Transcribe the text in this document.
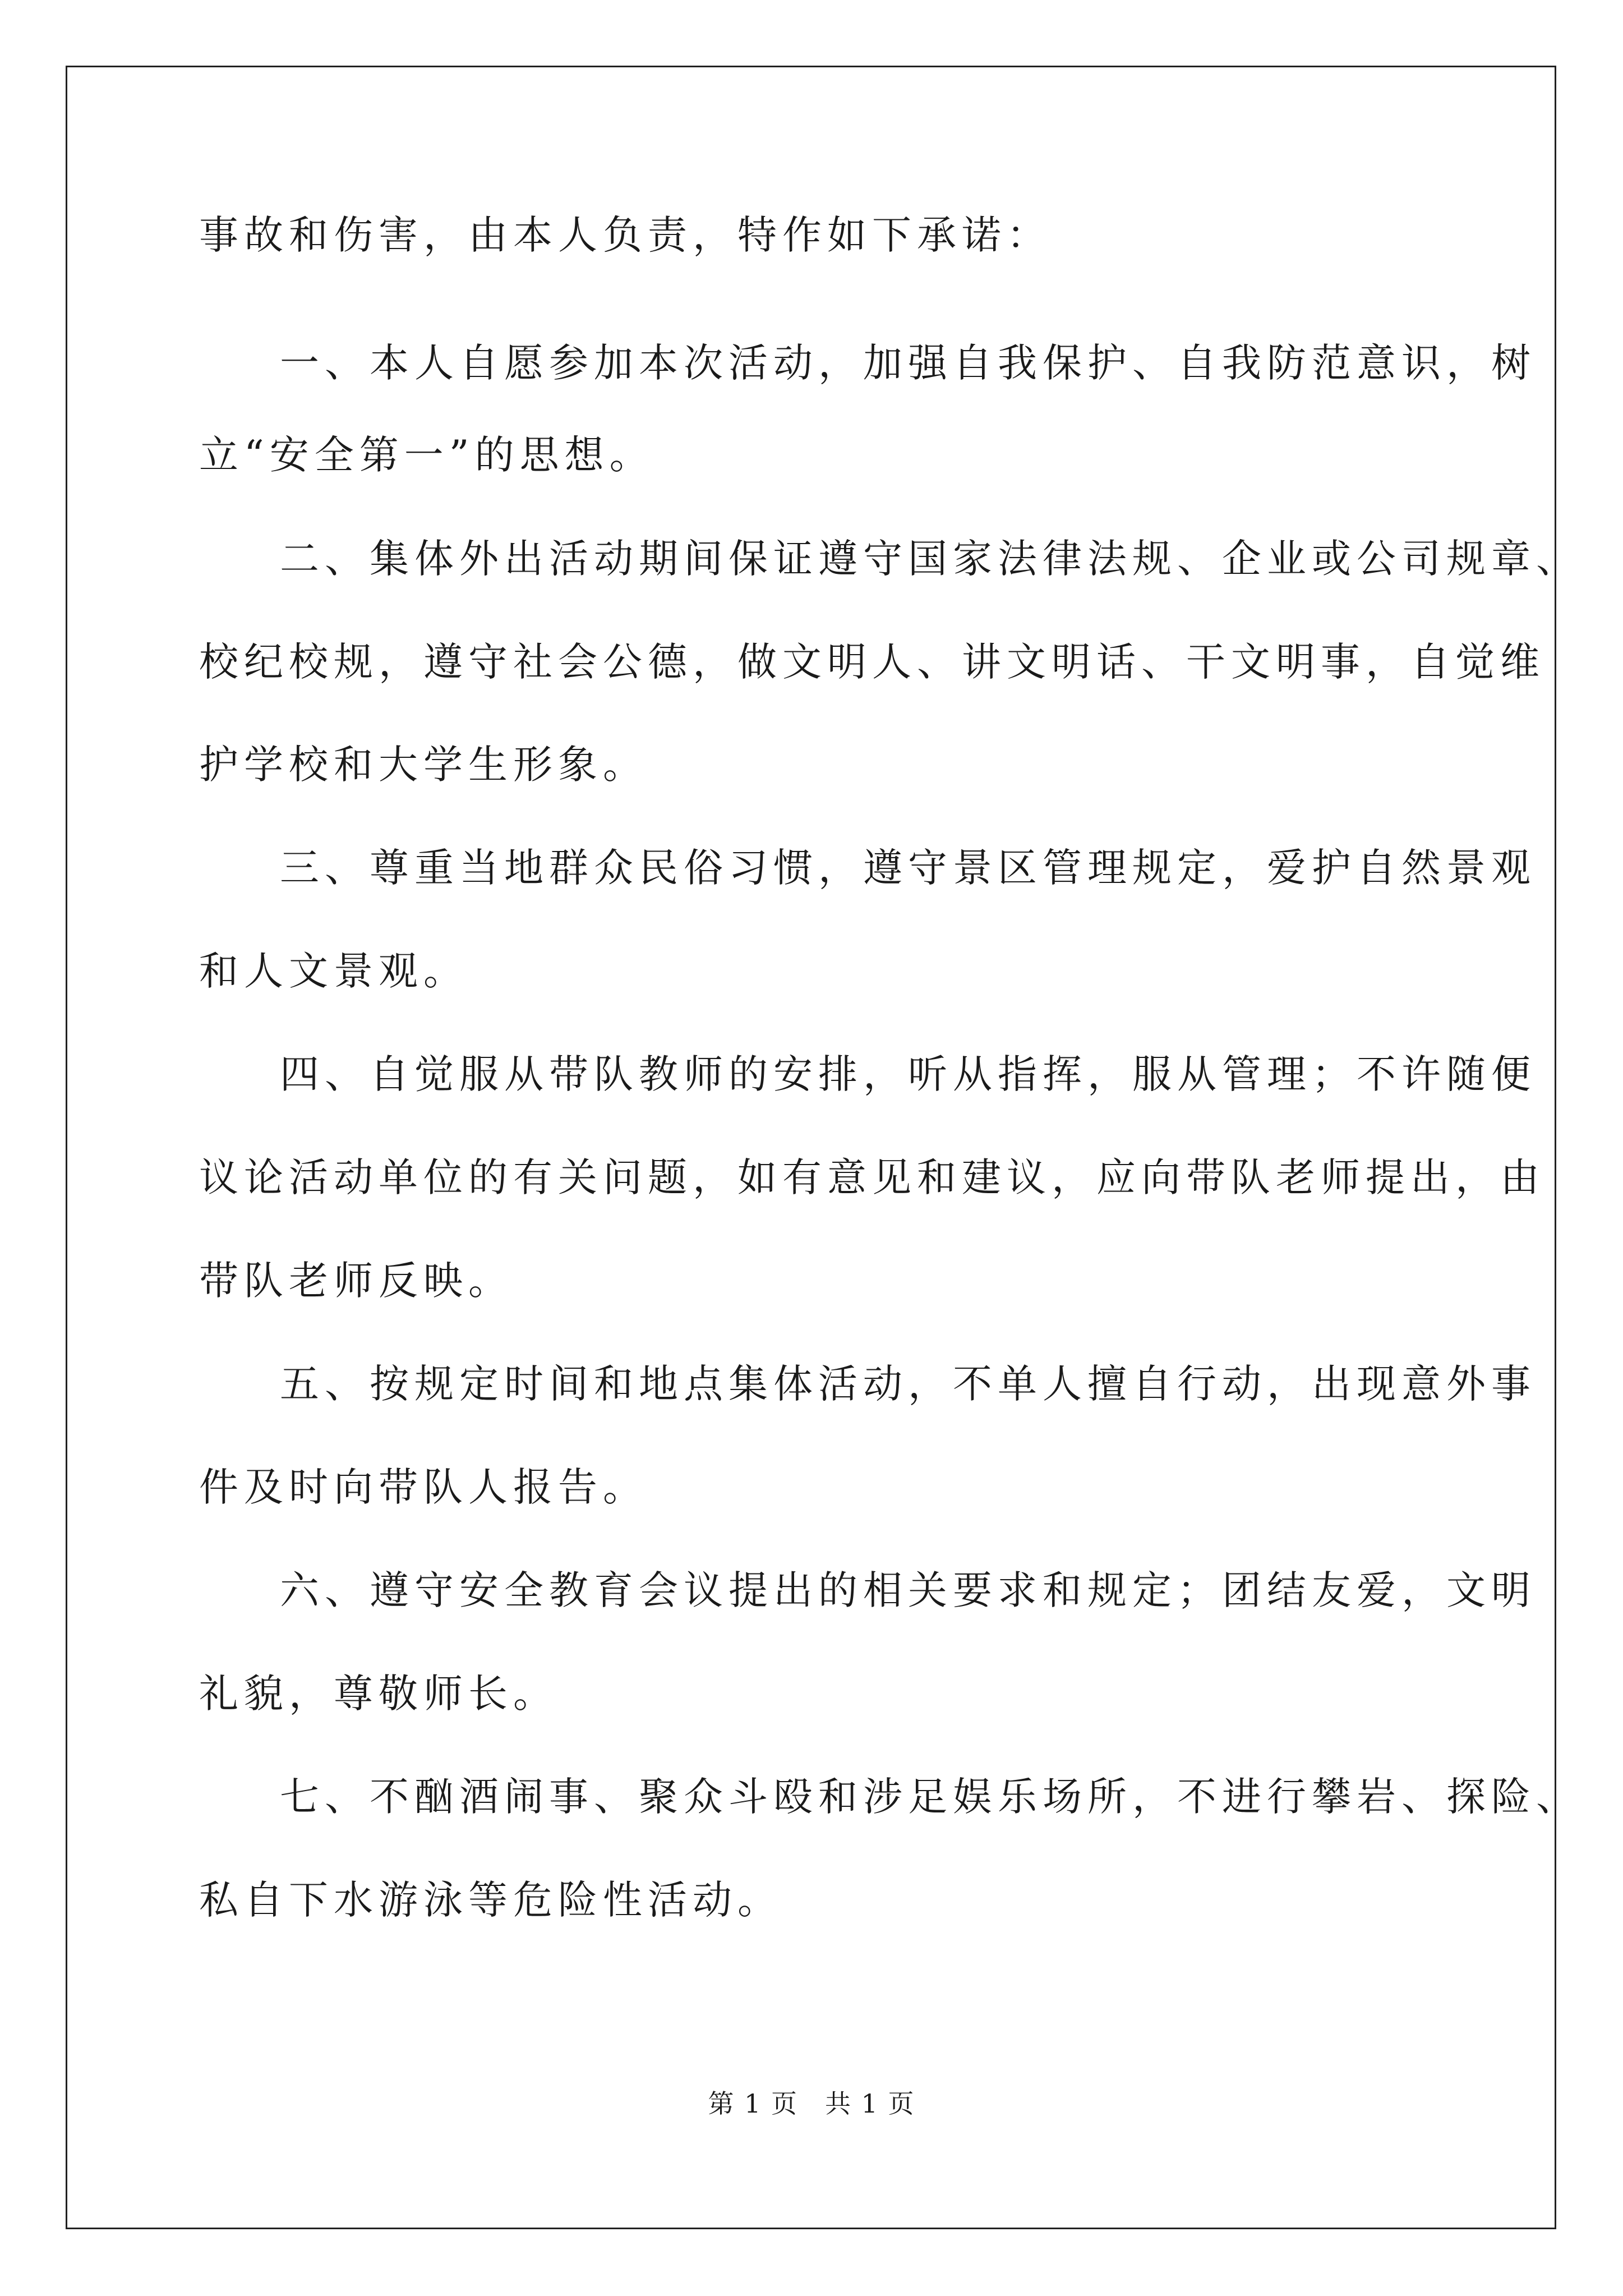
事故和伤害，由本人负责，特作如下承诺：
一、本人自愿参加本次活动，加强自我保护、自我防范意识，树
立“安全第一”的思想。
二、集体外出活动期间保证遵守国家法律法规、企业或公司规章、
校纪校规，遵守社会公德，做文明人、讲文明话、干文明事，自觉维
护学校和大学生形象。
三、尊重当地群众民俗习惯，遵守景区管理规定，爱护自然景观
和人文景观。
四、自觉服从带队教师的安排，听从指挥，服从管理；不许随便
议论活动单位的有关问题，如有意见和建议，应向带队老师提出，由
带队老师反映。
五、按规定时间和地点集体活动，不单人擅自行动，出现意外事
件及时向带队人报告。
六、遵守安全教育会议提出的相关要求和规定；团结友爱，文明
礼貌，尊敬师长。
七、不酗酒闹事、聚众斗殴和涉足娱乐场所，不进行攀岩、探险、
私自下水游泳等危险性活动。
第 1 页　共 1 页
